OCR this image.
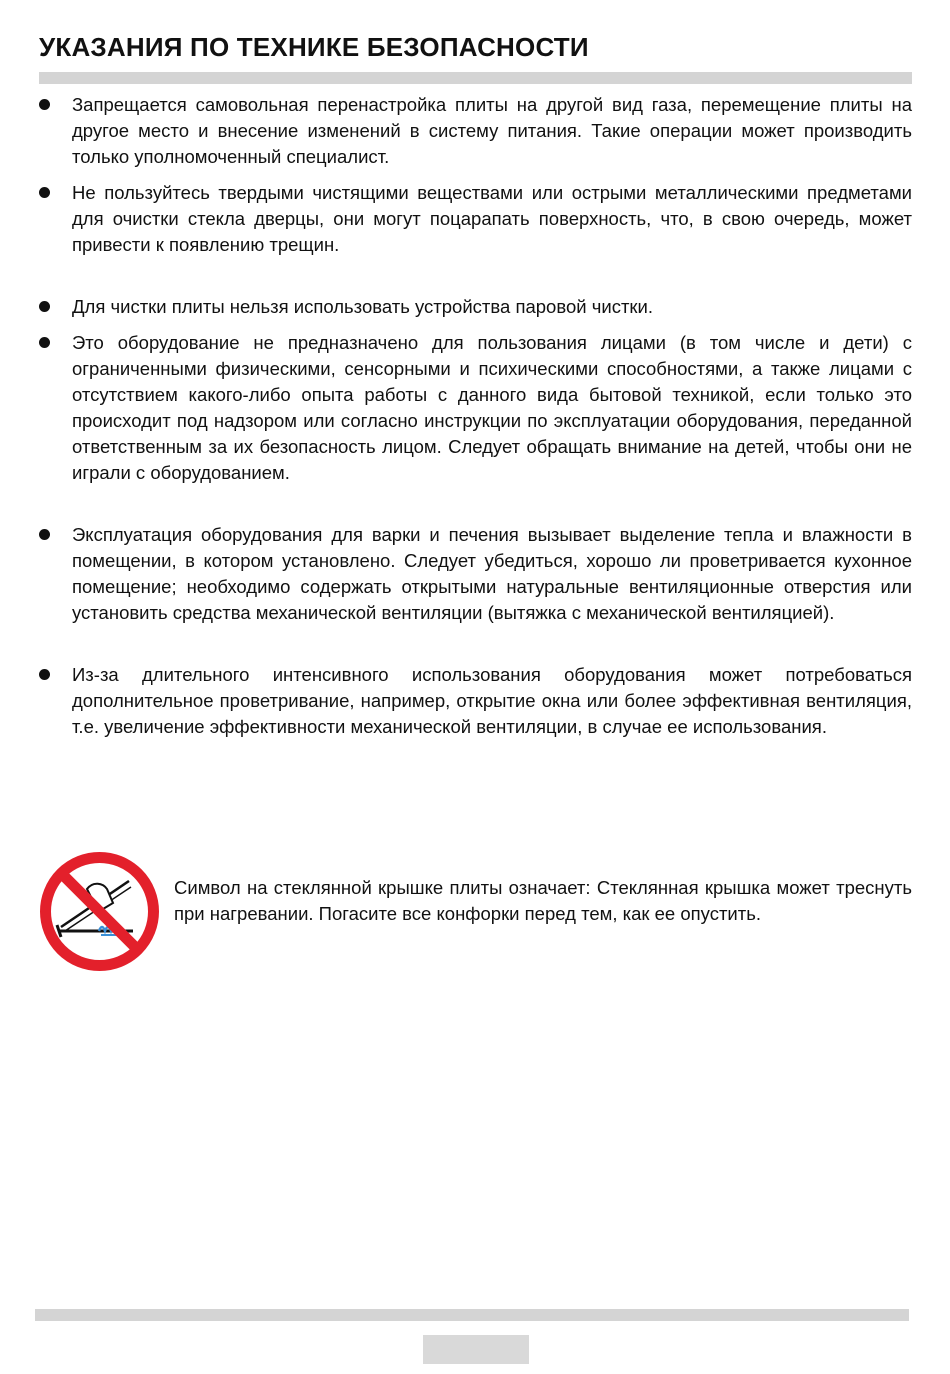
УКАЗАНИЯ ПО ТЕХНИКЕ БЕЗОПАСНОСТИ
Запрещается самовольная перенастройка плиты на другой вид газа, перемещение плиты на другое место и внесение изменений в систему питания. Такие операции может производить только уполномоченный специалист.
Не пользуйтесь твердыми чистящими веществами или острыми металлическими предметами для очистки стекла дверцы, они могут поцарапать поверхность, что, в свою очередь, может привести к появлению трещин.
Для чистки плиты нельзя использовать устройства паровой чистки.
Это оборудование не предназначено для пользования лицами (в том числе и дети) с ограниченными физическими, сенсорными и психическими способностями, а также лицами с отсутствием какого-либо опыта работы с данного вида бытовой техникой, если только это происходит под надзором или согласно инструкции по эксплуатации оборудования, переданной ответственным за их безопасность лицом. Следует обращать внимание на детей, чтобы они не играли с оборудованием.
Эксплуатация оборудования для варки и печения вызывает выделение тепла и влажности в помещении, в котором установлено. Следует убедиться, хорошо ли проветривается кухонное помещение; необходимо содержать открытыми натуральные вентиляционные отверстия или установить средства механической вентиляции (вытяжка с механической вентиляцией).
Из-за длительного интенсивного использования оборудования может потребоваться дополнительное проветривание, например, открытие окна или более эффективная вентиляция, т.е. увеличение эффективности механической вентиляции, в случае ее использования.
Символ на стеклянной крышке плиты означает: Стеклянная крышка может треснуть при нагревании. Погасите все конфорки перед тем, как ее опустить.
